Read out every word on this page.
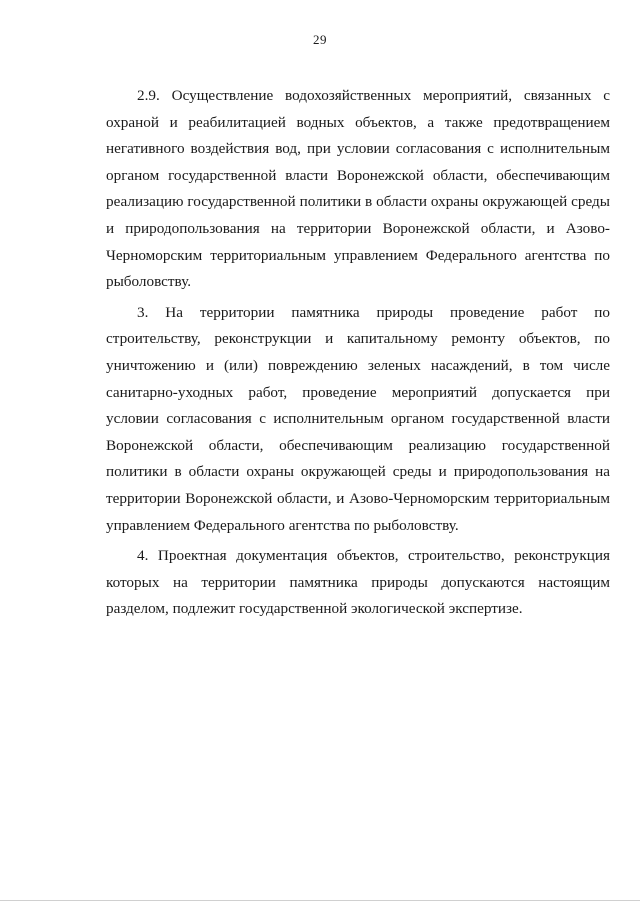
29

2.9. Осуществление водохозяйственных мероприятий, связанных с охраной и реабилитацией водных объектов, а также предотвращением негативного воздействия вод, при условии согласования с исполнительным органом государственной власти Воронежской области, обеспечивающим реализацию государственной политики в области охраны окружающей среды и природопользования на территории Воронежской области, и Азово-Черноморским территориальным управлением Федерального агентства по рыболовству.

3. На территории памятника природы проведение работ по строительству, реконструкции и капитальному ремонту объектов, по уничтожению и (или) повреждению зеленых насаждений, в том числе санитарно-уходных работ, проведение мероприятий допускается при условии согласования с исполнительным органом государственной власти Воронежской области, обеспечивающим реализацию государственной политики в области охраны окружающей среды и природопользования на территории Воронежской области, и Азово-Черноморским территориальным управлением Федерального агентства по рыболовству.

4. Проектная документация объектов, строительство, реконструкция которых на территории памятника природы допускаются настоящим разделом, подлежит государственной экологической экспертизе.
